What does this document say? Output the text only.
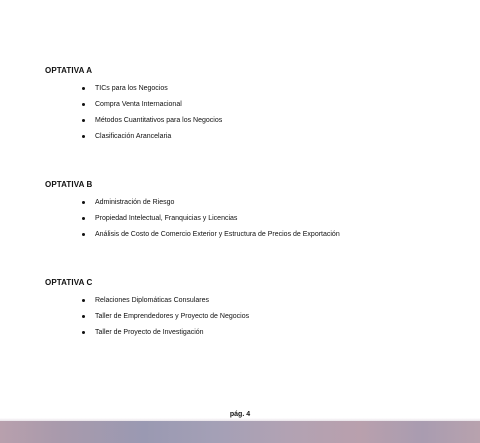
OPTATIVA A
TICs para los Negocios
Compra Venta Internacional
Métodos Cuantitativos para los Negocios
Clasificación Arancelaria
OPTATIVA B
Administración de Riesgo
Propiedad Intelectual, Franquicias y Licencias
Análisis de Costo de Comercio Exterior y Estructura de Precios de Exportación
OPTATIVA C
Relaciones Diplomáticas Consulares
Taller de Emprendedores y Proyecto de Negocios
Taller de Proyecto de Investigación
pág. 4
